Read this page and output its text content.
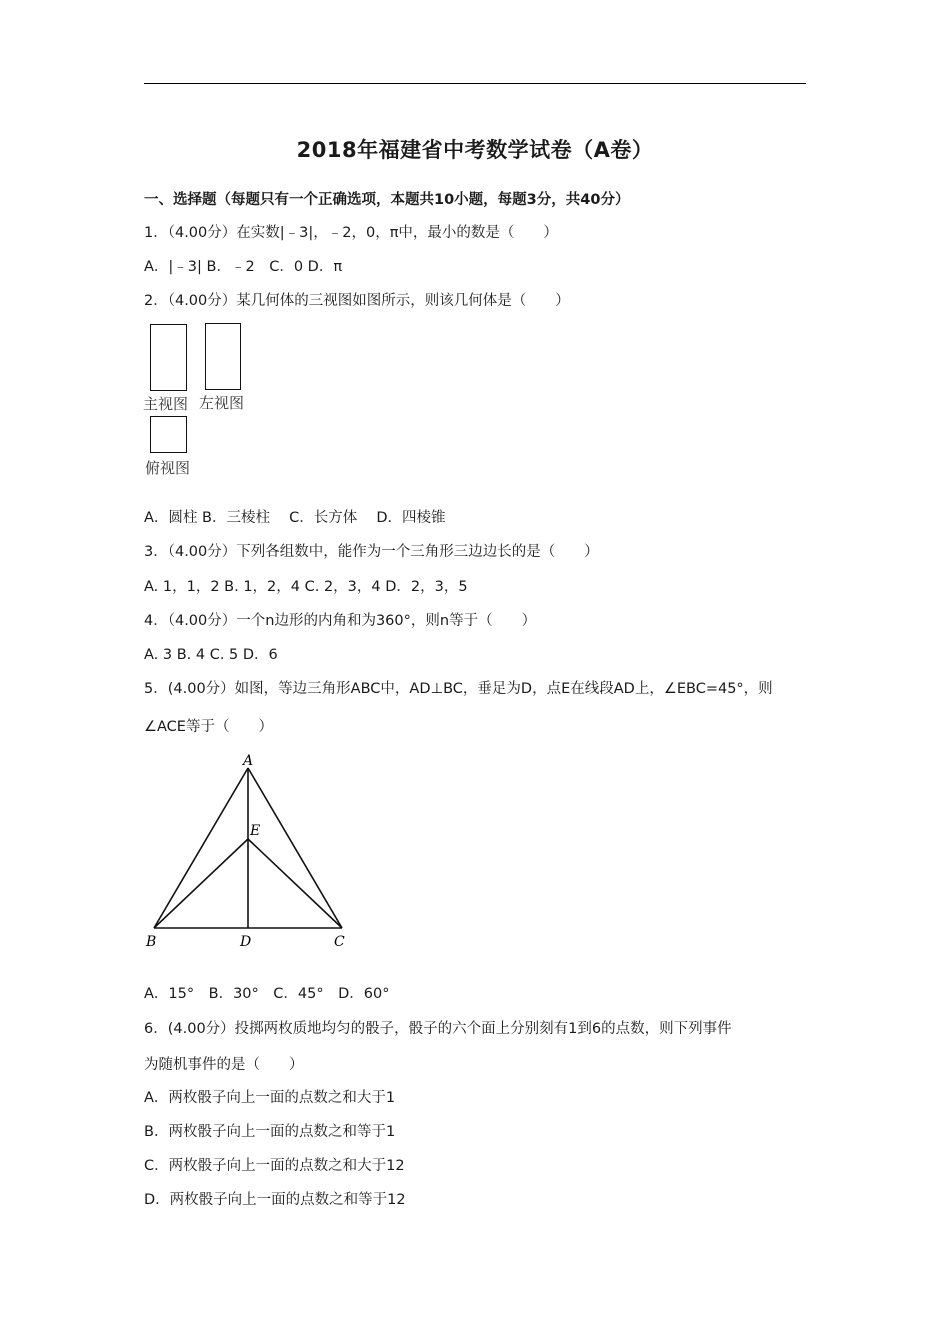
2018年福建省中考数学试卷（A卷）
一、选择题（每题只有一个正确选项，本题共10小题，每题3分，共40分）
1．（4.00分）在实数|﹣3|，﹣2，0，π中，最小的数是（　　）
A．|﹣3| B．﹣2　C．0 D．π
2．（4.00分）某几何体的三视图如图所示，则该几何体是（　　）
主视图 左视图
俯视图
A．圆柱 B．三棱柱　 C．长方体　 D．四棱锥
3．（4.00分）下列各组数中，能作为一个三角形三边边长的是（　　）
A. 1，1，2 B. 1，2，4 C. 2，3，4 D．2，3，5
4．（4.00分）一个n边形的内角和为360°，则n等于（　　）
A. 3 B. 4 C. 5 D．6
5．(4.00分）如图，等边三角形ABC中，AD⊥BC，垂足为D，点E在线段AD上，∠EBC=45°，则
∠ACE等于（　　）
A
E
B	D	C
A．15°　B．30°　C．45°　D．60°
6．(4.00分）投掷两枚质地均匀的骰子，骰子的六个面上分别刻有1到6的点数，则下列事件
为随机事件的是（　　）
A．两枚骰子向上一面的点数之和大于1
B．两枚骰子向上一面的点数之和等于1
C．两枚骰子向上一面的点数之和大于12
D．两枚骰子向上一面的点数之和等于12
